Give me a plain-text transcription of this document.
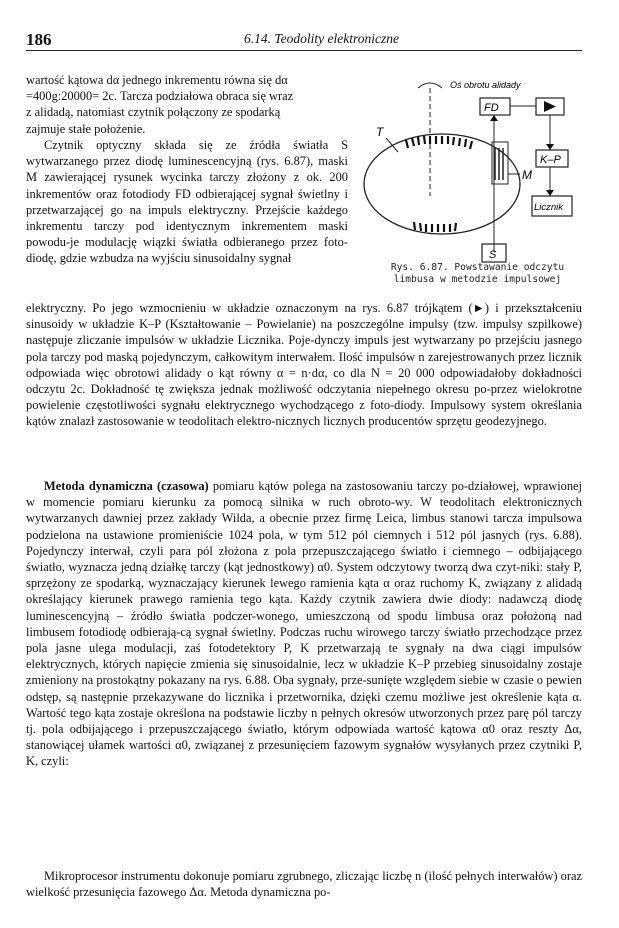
186	6.14. Teodolity elektroniczne
wartość kątowa dα jednego inkrementu równa się dα
=400g:20000= 2c. Tarcza podziałowa obraca się wraz
z alidadą, natomiast czytnik połączony ze spodarką
zajmuje stałe położenie.

Czytnik optyczny składa się ze źródła światła S wytwarzanego przez diodę luminescencyjną (rys. 6.87), maski M zawierającej rysunek wycinka tarczy złożony z ok. 200 inkrementów oraz fotodiody FD odbierającej sygnał świetlny i przetwarzającej go na impuls elektryczny. Przejście każdego inkrementu tarczy pod identycznym inkrementem maski powodu-je modulację wiązki światła odbieranego przez foto-diodę, gdzie wzbudza na wyjściu sinusoidalny sygnał

elektryczny. Po jego wzmocnieniu w układzie oznaczonym na rys. 6.87 trójkątem (►) i przekształceniu sinusoidy w układzie K–P (Kształtowanie – Powielanie) na poszczególne impulsy (tzw. impulsy szpilkowe) następuje zliczanie impulsów w układzie Licznika. Poje-dynczy impuls jest wytwarzany po przejściu jasnego pola tarczy pod maską pojedynczym, całkowitym interwałem. Ilość impulsów n zarejestrowanych przez licznik odpowiada więc obrotowi alidady o kąt równy α = n·dα, co dla N = 20 000 odpowiadałoby dokładności odczytu 2c. Dokładność tę zwiększa jednak możliwość odczytania niepełnego okresu po-przez wielokrotne powielenie częstotliwości sygnału elektrycznego wychodzącego z foto-diody. Impulsowy system określania kątów znalazł zastosowanie w teodolitach elektro-nicznych licznych producentów sprzętu geodezyjnego.

Metoda dynamiczna (czasowa) pomiaru kątów polega na zastosowaniu tarczy po-działowej, wprawionej w momencie pomiaru kierunku za pomocą silnika w ruch obroto-wy. W teodolitach elektronicznych wytwarzanych dawniej przez zakłady Wilda, a obecnie przez firmę Leica, limbus stanowi tarcza impulsowa podzielona na ustawione promieniście 1024 pola, w tym 512 pól ciemnych i 512 pól jasnych (rys. 6.88). Pojedynczy interwał, czyli para pól złożona z pola przepuszczającego światło i ciemnego – odbijającego światło, wyznacza jedną działkę tarczy (kąt jednostkowy) α0. System odczytowy tworzą dwa czyt-niki: stały P, sprzężony ze spodarką, wyznaczający kierunek lewego ramienia kąta α oraz ruchomy K, związany z alidadą określający kierunek prawego ramienia tego kąta. Każdy czytnik zawiera dwie diody: nadawczą diodę luminescencyjną – źródło światła podczer-wonego, umieszczoną od spodu limbusa oraz położoną nad limbusem fotodiodę odbierają-cą sygnał świetlny. Podczas ruchu wirowego tarczy światło przechodzące przez pola jasne ulega modulacji, zaś fotodetektory P, K przetwarzają te sygnały na dwa ciągi impulsów elektrycznych, których napięcie zmienia się sinusoidalnie, lecz w układzie K–P przebieg sinusoidalny zostaje zmieniony na prostokątny pokazany na rys. 6.88. Oba sygnały, prze-sunięte względem siebie w czasie o pewien odstęp, są następnie przekazywane do licznika i przetwornika, dzięki czemu możliwe jest określenie kąta α. Wartość tego kąta zostaje określona na podstawie liczby n pełnych okresów utworzonych przez parę pól tarczy tj. pola odbijającego i przepuszczającego światło, którym odpowiada wartość kątowa α0 oraz reszty Δα, stanowiącej ułamek wartości α0, związanej z przesunięciem fazowym sygnałów wysyłanych przez czytniki P, K, czyli:

Mikroprocesor instrumentu dokonuje pomiaru zgrubnego, zliczając liczbę n (ilość pełnych interwałów) oraz wielkość przesunięcia fazowego Δα. Metoda dynamiczna po-

Oś obrotu alidady
M
T
FD
K–P
Licznik
S
Rys. 6.87. Powstawanie odczytu limbusa w metodzie impulsowej
